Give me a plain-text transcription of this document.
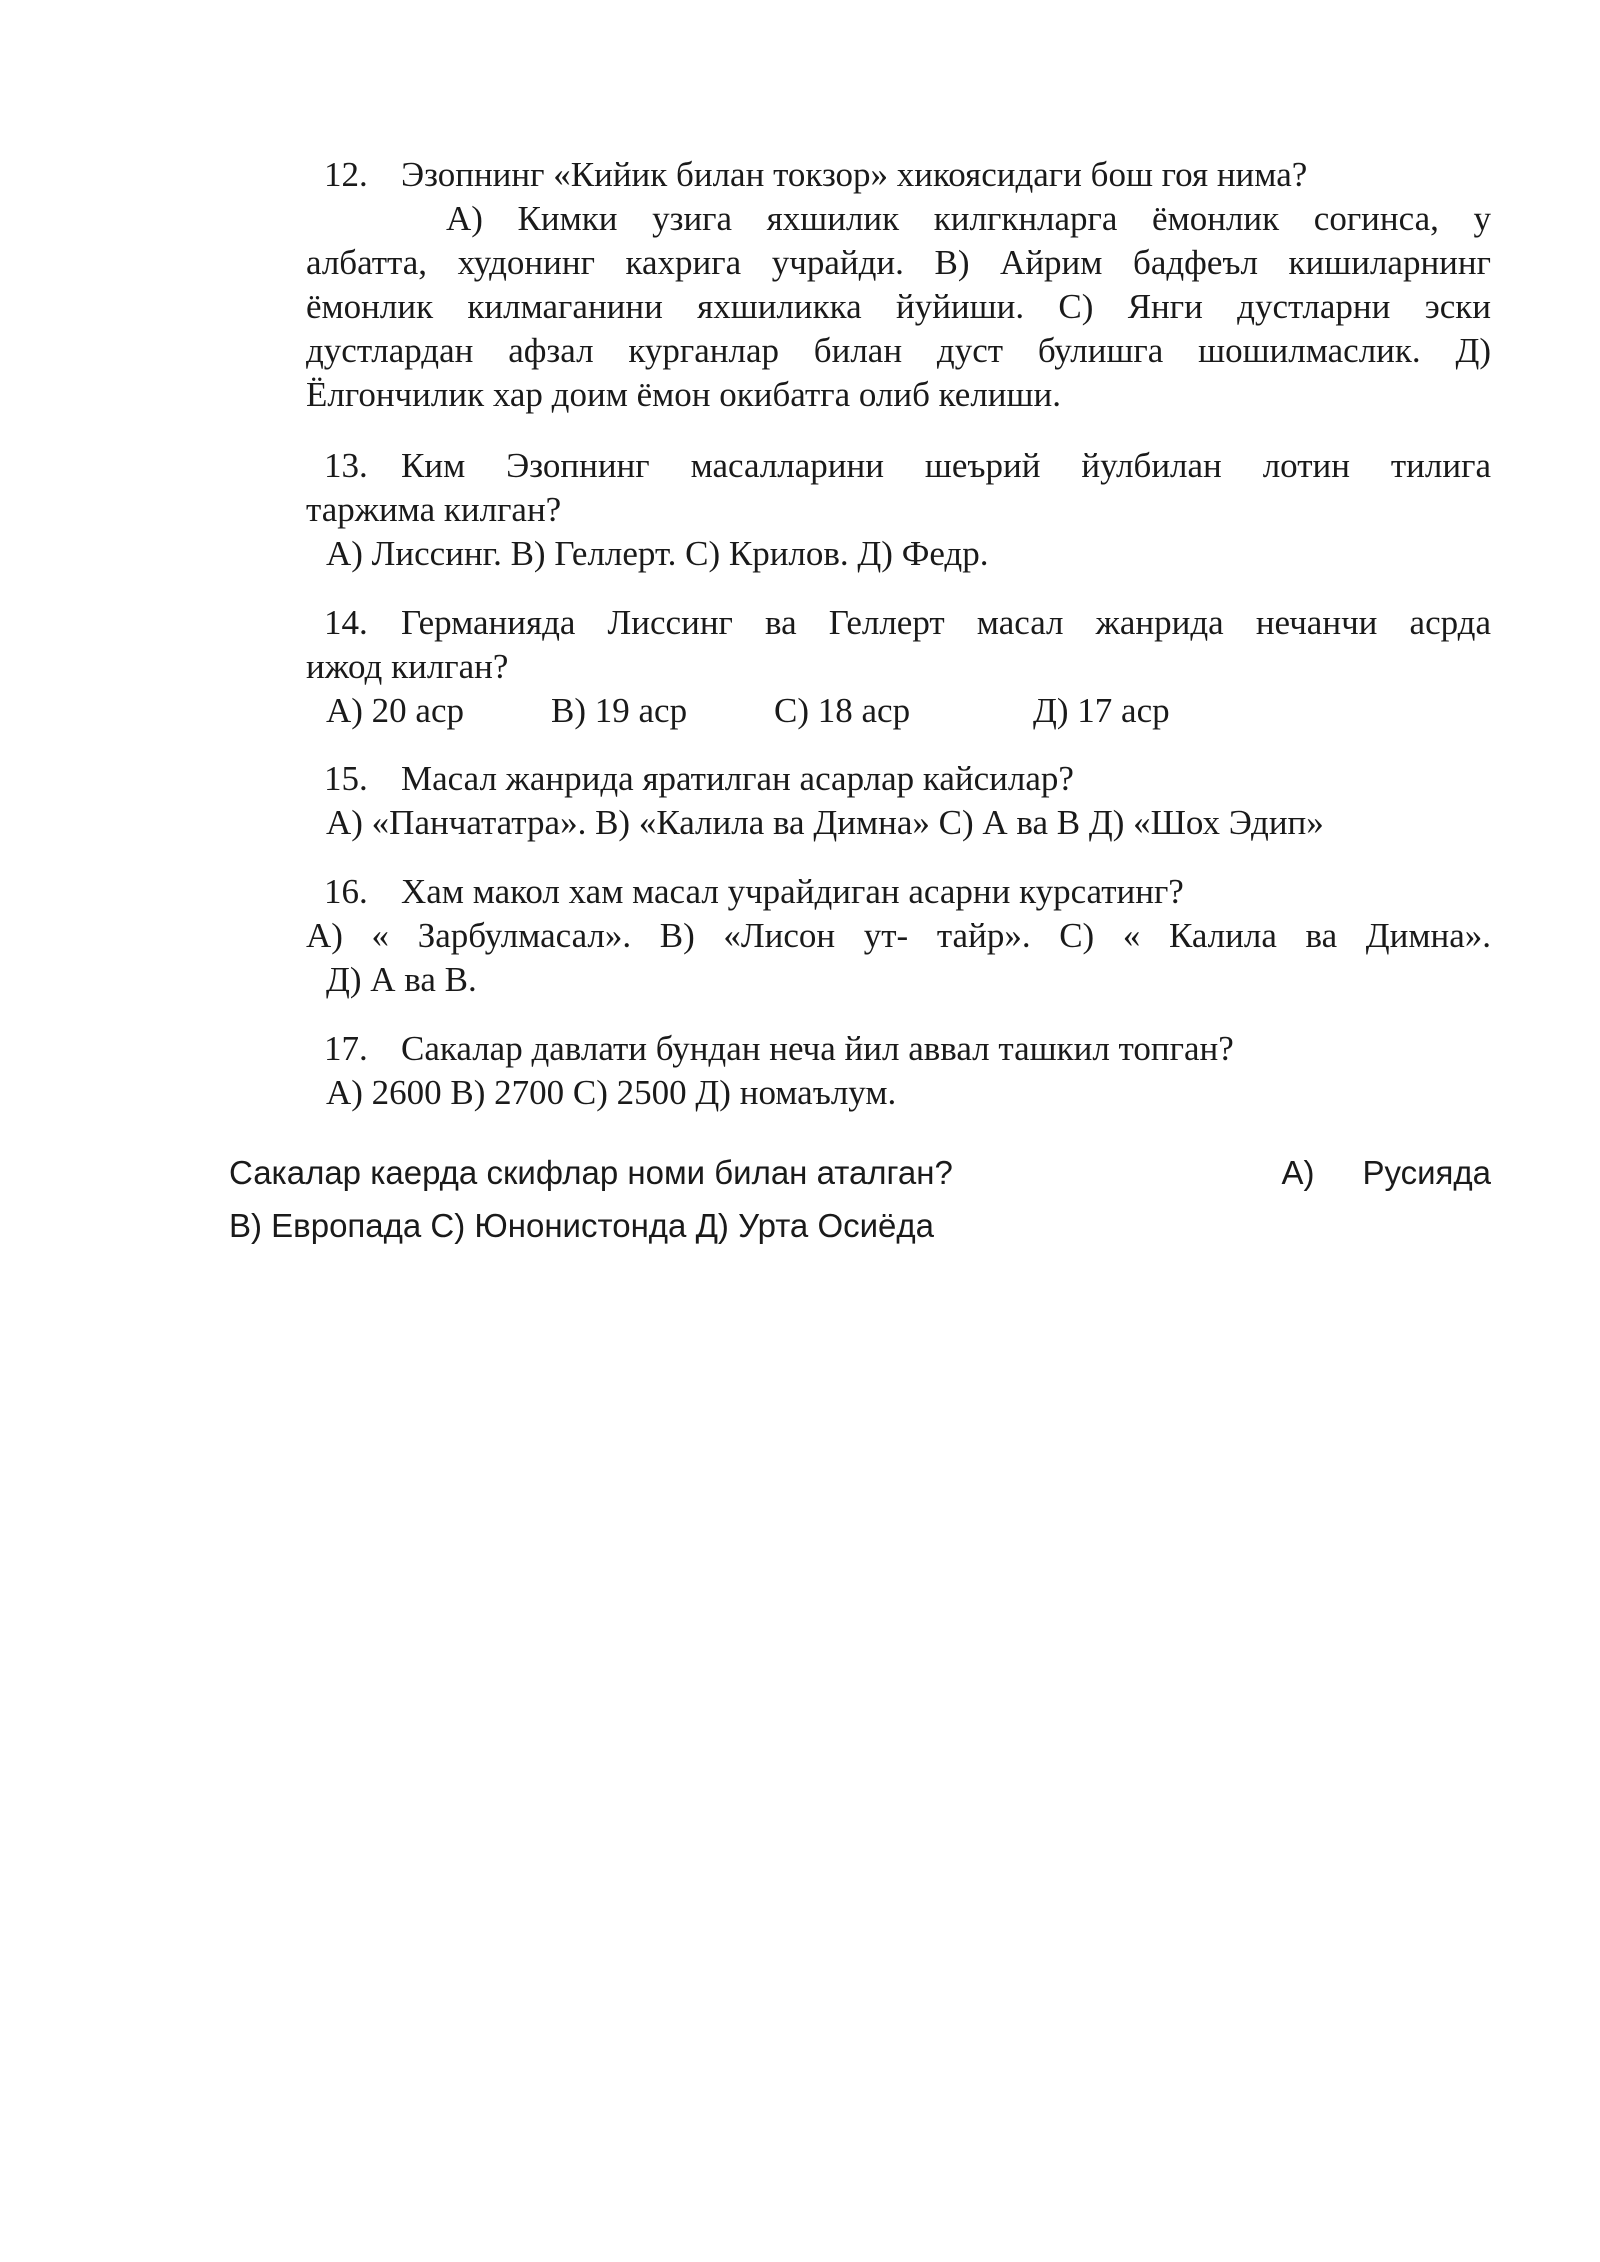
12. Эзопнинг «Кийик билан токзор» хикоясидаги бош гоя нима?
А) Кимки узига яхшилик килгкнларга ёмонлик согинса, у
албатта, худонинг кахрига учрайди. В) Айрим бадфеъл кишиларнинг
ёмонлик килмаганини яхшиликка йуйиши. С) Янги дустларни эски
дустлардан афзал курганлар билан дуст булишга шошилмаслик. Д)
Ёлгончилик хар доим ёмон окибатга олиб келиши.
13. Ким Эзопнинг масалларини шеърий йулбилан лотин тилига
таржима килган?
А) Лиссинг. В) Геллерт. С) Крилов. Д) Федр.
14. Германияда Лиссинг ва Геллерт масал жанрида нечанчи асрда
ижод килган?
А) 20 аср В) 19 аср С) 18 аср	Д) 17 аср
15. Масал жанрида яратилган асарлар кайсилар?
А) «Панчататра». В) «Калила ва Димна» С) А ва В Д) «Шох Эдип»
16. Хам макол хам масал учрайдиган асарни курсатинг?
А) « Зарбулмасал». В) «Лисон ут- тайр». С) « Калила ва Димна».
Д) А ва В.
17. Сакалар давлати бундан неча йил аввал ташкил топган?
А) 2600 В) 2700 С) 2500 Д) номаълум.
Сакалар каерда скифлар номи билан аталган?	А) Русияда
В) Европада С) Юнонистонда Д) Урта Осиёда
